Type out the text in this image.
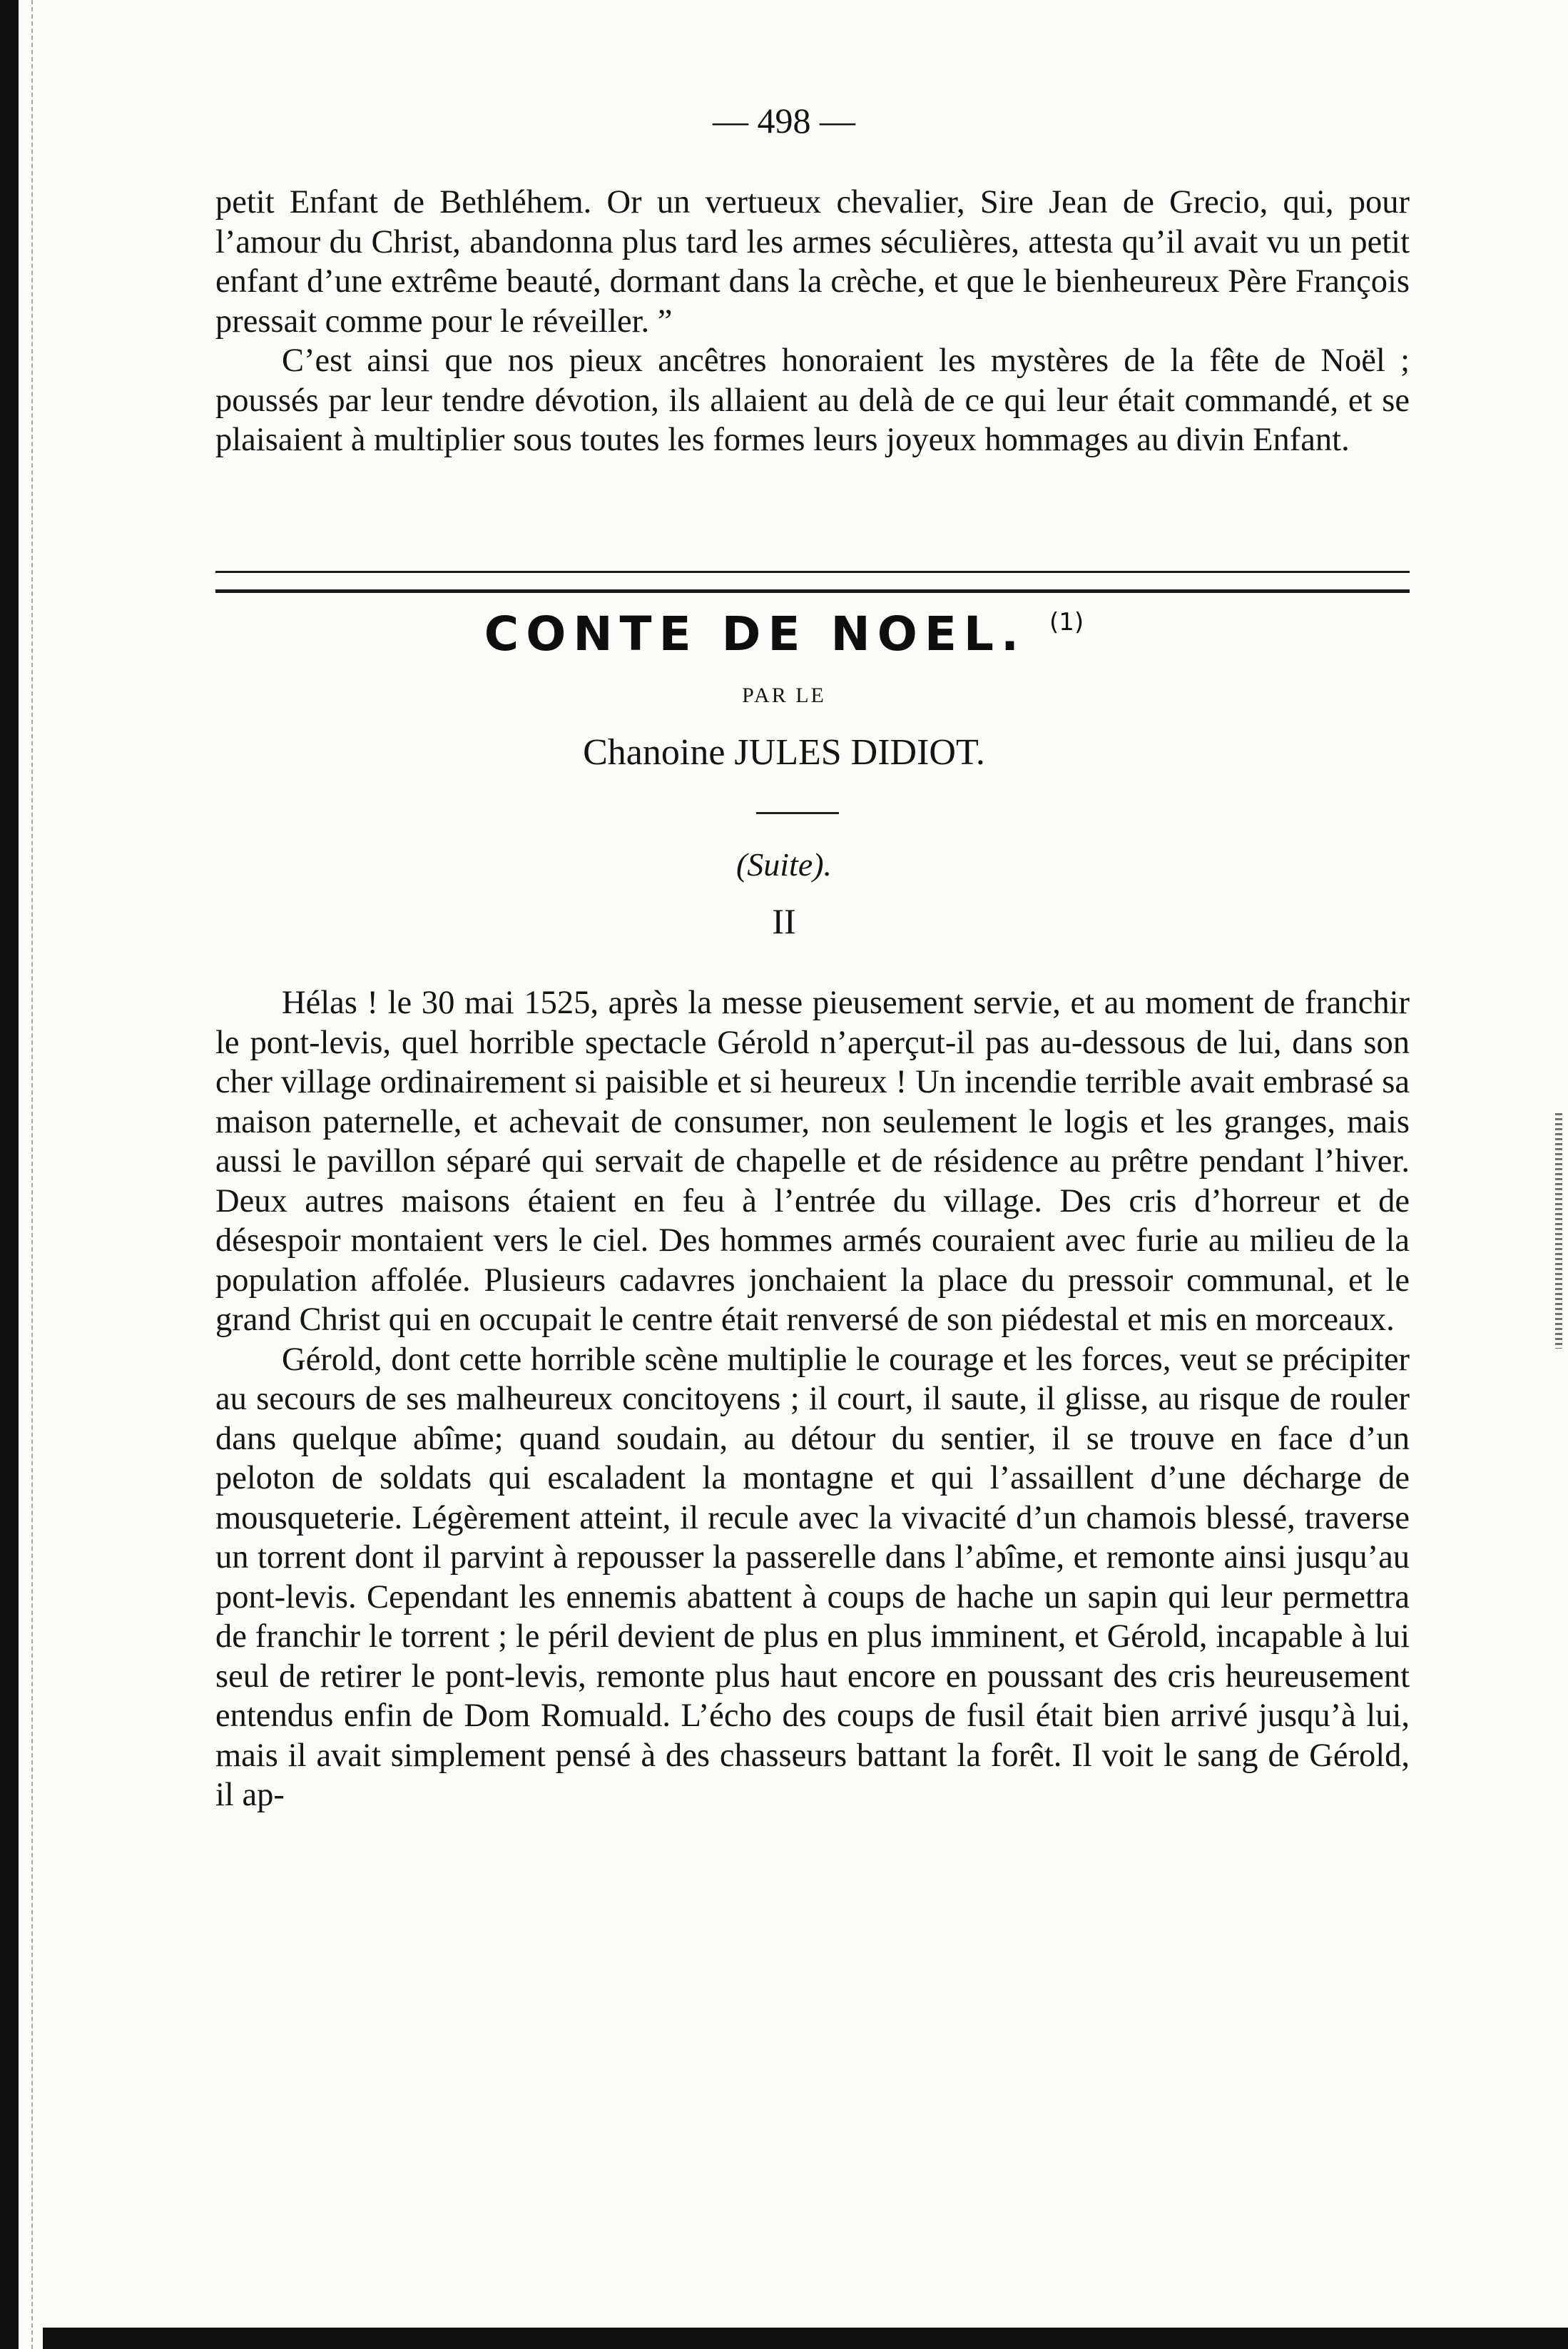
— 498 —

petit Enfant de Bethléhem. Or un vertueux chevalier, Sire Jean de Grecio, qui, pour l’amour du Christ, abandonna plus tard les armes séculières, attesta qu’il avait vu un petit enfant d’une extrême beauté, dormant dans la crèche, et que le bienheureux Père François pressait comme pour le réveiller. ”

C’est ainsi que nos pieux ancêtres honoraient les mystères de la fête de Noël ; poussés par leur tendre dévotion, ils allaient au delà de ce qui leur était commandé, et se plaisaient à multiplier sous toutes les formes leurs joyeux hommages au divin Enfant.

CONTE DE NOEL. $^{(1)}$
PAR LE
Chanoine JULES DIDIOT.
(Suite).
II

Hélas ! le 30 mai 1525, après la messe pieusement servie, et au moment de franchir le pont-levis, quel horrible spectacle Gérold n’aperçut-il pas au-dessous de lui, dans son cher village ordinairement si paisible et si heureux ! Un incendie terrible avait embrasé sa maison paternelle, et achevait de consumer, non seulement le logis et les granges, mais aussi le pavillon séparé qui servait de chapelle et de résidence au prêtre pendant l’hiver. Deux autres maisons étaient en feu à l’entrée du village. Des cris d’horreur et de désespoir montaient vers le ciel. Des hommes armés couraient avec furie au milieu de la population affolée. Plusieurs cadavres jonchaient la place du pressoir communal, et le grand Christ qui en occupait le centre était renversé de son piédestal et mis en morceaux.

Gérold, dont cette horrible scène multiplie le courage et les forces, veut se précipiter au secours de ses malheureux concitoyens ; il court, il saute, il glisse, au risque de rouler dans quelque abîme; quand soudain, au détour du sentier, il se trouve en face d’un peloton de soldats qui escaladent la montagne et qui l’assaillent d’une décharge de mousqueterie. Légèrement atteint, il recule avec la vivacité d’un chamois blessé, traverse un torrent dont il parvint à repousser la passerelle dans l’abîme, et remonte ainsi jusqu’au pont-levis. Cependant les ennemis abattent à coups de hache un sapin qui leur permettra de franchir le torrent ; le péril devient de plus en plus imminent, et Gérold, incapable à lui seul de retirer le pont-levis, remonte plus haut encore en poussant des cris heureusement entendus enfin de Dom Romuald. L’écho des coups de fusil était bien arrivé jusqu’à lui, mais il avait simplement pensé à des chasseurs battant la forêt. Il voit le sang de Gérold, il ap-
